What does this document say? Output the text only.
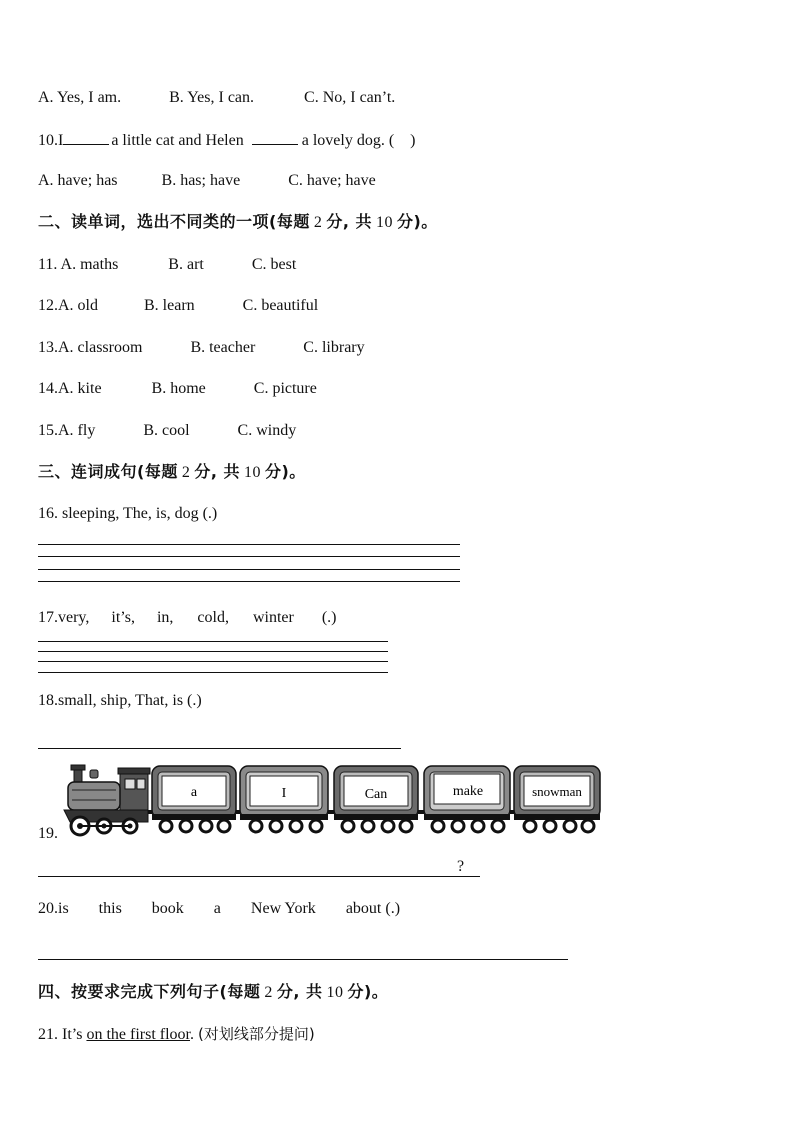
A. Yes, I am.	B. Yes, I can.	C. No, I can’t.
10.I	a little cat and Helen	a lovely dog. ( )
A. have; has	B. has; have	C. have; have
二、读单词，选出不同类的一项(每题 2 分, 共 10 分)。
11. A. maths	B. art	C. best
12.A. old	B. learn	C. beautiful
13.A. classroom	B. teacher	C. library
14.A. kite	B. home	C. picture
15.A. fly	B. cool	C. windy
三、连词成句(每题 2 分, 共 10 分)。
16. sleeping, The, is, dog (.)
17.very, it’s, in, cold, winter (.)
18.small, ship, That, is (.)
19.
a	I	Can	make	snowman
?
20.is this book a New York about (.)
四、按要求完成下列句子(每题 2 分, 共 10 分)。
21. It’s on the first floor. (对划线部分提问)
